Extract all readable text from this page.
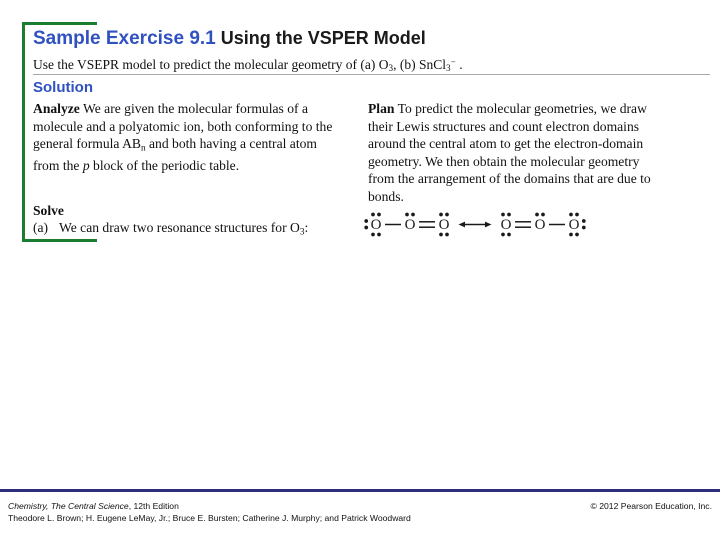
Sample Exercise 9.1 Using the VSPER Model
Use the VSEPR model to predict the molecular geometry of (a) $O_3$, (b) SnCl$_3$− .
Solution
Analyze We are given the molecular formulas of a molecule and a polyatomic ion, both conforming to the general formula $AB_n$ and both having a central atom from the p block of the periodic table.
Solve
(a) We can draw two resonance structures for $O_3$:
Plan To predict the molecular geometries, we draw their Lewis structures and count electron domains around the central atom to get the electron-domain geometry. We then obtain the molecular geometry from the arrangement of the domains that are due to bonds.
O O O	O O O
Chemistry, The Central Science, 12th Edition
Theodore L. Brown; H. Eugene LeMay, Jr.; Bruce E. Bursten; Catherine J. Murphy; and Patrick Woodward
© 2012 Pearson Education, Inc.
